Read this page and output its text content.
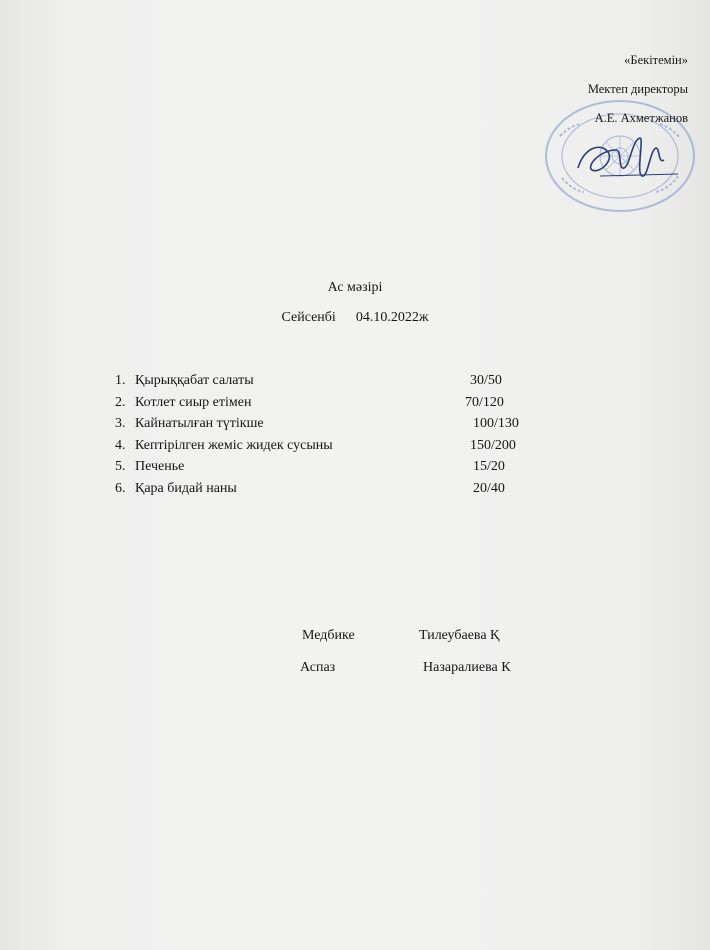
«Бекітемін»
Мектеп директоры
А.Е. Ахметжанов
Ас мәзірі
Сейсенбі 04.10.2022ж
1. Қырыққабат салаты	30/50
2. Котлет сиыр етімен	70/120
3. Кайнатылған түтікше	100/130
4. Кептірілген жеміс жидек сусыны	150/200
5. Печенье	15/20
6. Қара бидай наны	20/40
Медбике	Тилеубаева Қ
Аспаз	Назаралиева К
